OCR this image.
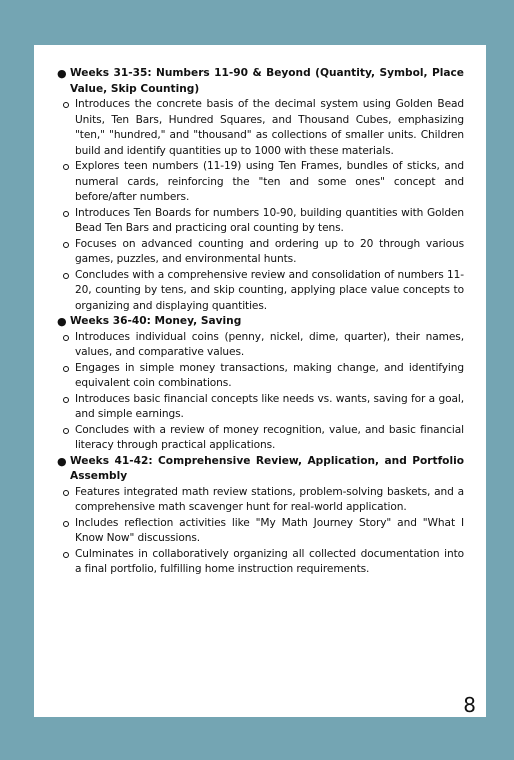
● Weeks 31-35: Numbers 11-90 & Beyond (Quantity, Symbol, Place Value, Skip Counting)
Introduces the concrete basis of the decimal system using Golden Bead Units, Ten Bars, Hundred Squares, and Thousand Cubes, emphasizing "ten," "hundred," and "thousand" as collections of smaller units. Children build and identify quantities up to 1000 with these materials.
Explores teen numbers (11-19) using Ten Frames, bundles of sticks, and numeral cards, reinforcing the "ten and some ones" concept and before/after numbers.
Introduces Ten Boards for numbers 10-90, building quantities with Golden Bead Ten Bars and practicing oral counting by tens.
Focuses on advanced counting and ordering up to 20 through various games, puzzles, and environmental hunts.
Concludes with a comprehensive review and consolidation of numbers 11-20, counting by tens, and skip counting, applying place value concepts to organizing and displaying quantities.
● Weeks 36-40: Money, Saving
Introduces individual coins (penny, nickel, dime, quarter), their names, values, and comparative values.
Engages in simple money transactions, making change, and identifying equivalent coin combinations.
Introduces basic financial concepts like needs vs. wants, saving for a goal, and simple earnings.
Concludes with a review of money recognition, value, and basic financial literacy through practical applications.
● Weeks 41-42: Comprehensive Review, Application, and Portfolio Assembly
Features integrated math review stations, problem-solving baskets, and a comprehensive math scavenger hunt for real-world application.
Includes reflection activities like "My Math Journey Story" and "What I Know Now" discussions.
Culminates in collaboratively organizing all collected documentation into a final portfolio, fulfilling home instruction requirements.
8
